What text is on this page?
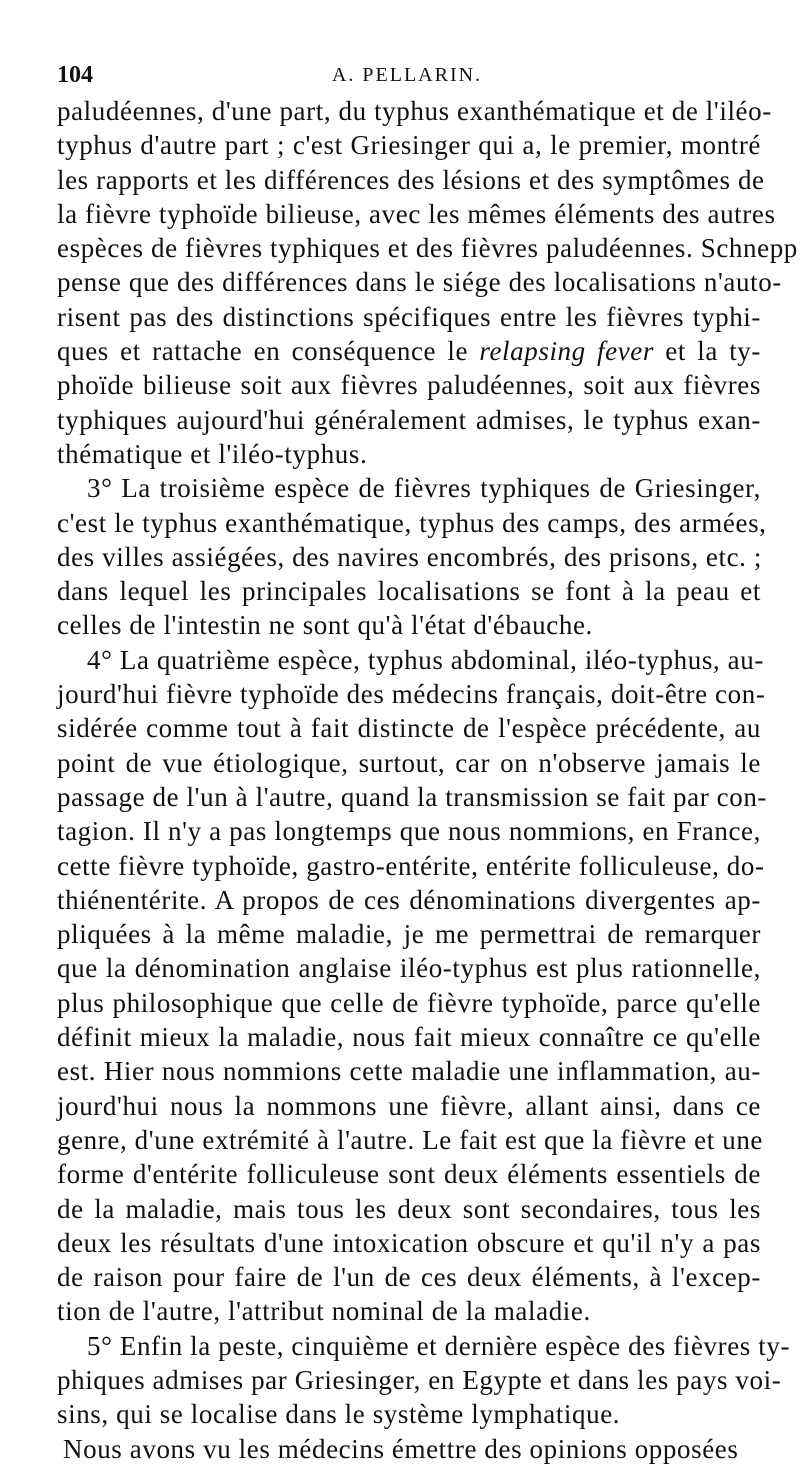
104	A. PELLARIN.
paludéennes, d'une part, du typhus exanthématique et de l'iléo-
typhus d'autre part ; c'est Griesinger qui a, le premier, montré
les rapports et les différences des lésions et des symptômes de
la fièvre typhoïde bilieuse, avec les mêmes éléments des autres
espèces de fièvres typhiques et des fièvres paludéennes. Schnepp
pense que des différences dans le siége des localisations n'auto-
risent pas des distinctions spécifiques entre les fièvres typhi-
ques et rattache en conséquence le relapsing fever et la ty-
phoïde bilieuse soit aux fièvres paludéennes, soit aux fièvres
typhiques aujourd'hui généralement admises, le typhus exan-
thématique et l'iléo-typhus.
3° La troisième espèce de fièvres typhiques de Griesinger,
c'est le typhus exanthématique, typhus des camps, des armées,
des villes assiégées, des navires encombrés, des prisons, etc. ;
dans lequel les principales localisations se font à la peau et
celles de l'intestin ne sont qu'à l'état d'ébauche.
4° La quatrième espèce, typhus abdominal, iléo-typhus, au-
jourd'hui fièvre typhoïde des médecins français, doit-être con-
sidérée comme tout à fait distincte de l'espèce précédente, au
point de vue étiologique, surtout, car on n'observe jamais le
passage de l'un à l'autre, quand la transmission se fait par con-
tagion. Il n'y a pas longtemps que nous nommions, en France,
cette fièvre typhoïde, gastro-entérite, entérite folliculeuse, do-
thiénentérite. A propos de ces dénominations divergentes ap-
pliquées à la même maladie, je me permettrai de remarquer
que la dénomination anglaise iléo-typhus est plus rationnelle,
plus philosophique que celle de fièvre typhoïde, parce qu'elle
définit mieux la maladie, nous fait mieux connaître ce qu'elle
est. Hier nous nommions cette maladie une inflammation, au-
jourd'hui nous la nommons une fièvre, allant ainsi, dans ce
genre, d'une extrémité à l'autre. Le fait est que la fièvre et une
forme d'entérite folliculeuse sont deux éléments essentiels de
de la maladie, mais tous les deux sont secondaires, tous les
deux les résultats d'une intoxication obscure et qu'il n'y a pas
de raison pour faire de l'un de ces deux éléments, à l'excep-
tion de l'autre, l'attribut nominal de la maladie.
5° Enfin la peste, cinquième et dernière espèce des fièvres ty-
phiques admises par Griesinger, en Egypte et dans les pays voi-
sins, qui se localise dans le système lymphatique.
Nous avons vu les médecins émettre des opinions opposées
